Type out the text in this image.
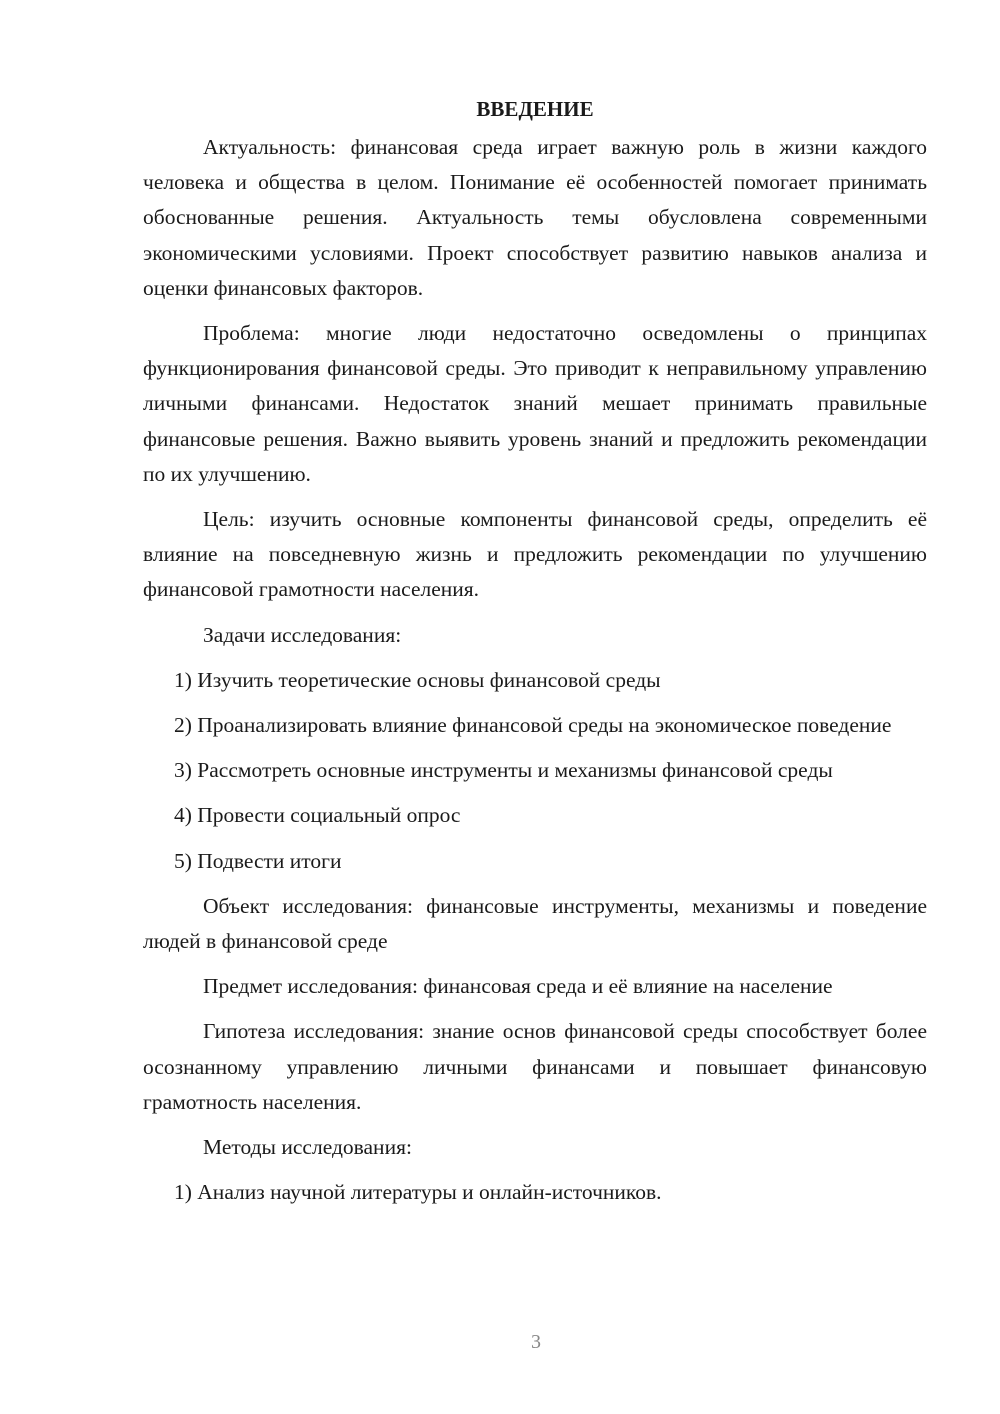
ВВЕДЕНИЕ

Актуальность: финансовая среда играет важную роль в жизни каждого человека и общества в целом. Понимание её особенностей помогает принимать обоснованные решения. Актуальность темы обусловлена современными экономическими условиями. Проект способствует развитию навыков анализа и оценки финансовых факторов.

Проблема: многие люди недостаточно осведомлены о принципах функционирования финансовой среды. Это приводит к неправильному управлению личными финансами. Недостаток знаний мешает принимать правильные финансовые решения. Важно выявить уровень знаний и предложить рекомендации по их улучшению.

Цель: изучить основные компоненты финансовой среды, определить её влияние на повседневную жизнь и предложить рекомендации по улучшению финансовой грамотности населения.

Задачи исследования:

1) Изучить теоретические основы финансовой среды

2) Проанализировать влияние финансовой среды на экономическое поведение

3) Рассмотреть основные инструменты и механизмы финансовой среды

4) Провести социальный опрос

5) Подвести итоги

Объект исследования: финансовые инструменты, механизмы и поведение людей в финансовой среде

Предмет исследования: финансовая среда и её влияние на население

Гипотеза исследования: знание основ финансовой среды способствует более осознанному управлению личными финансами и повышает финансовую грамотность населения.

Методы исследования:

1) Анализ научной литературы и онлайн-источников.

3
